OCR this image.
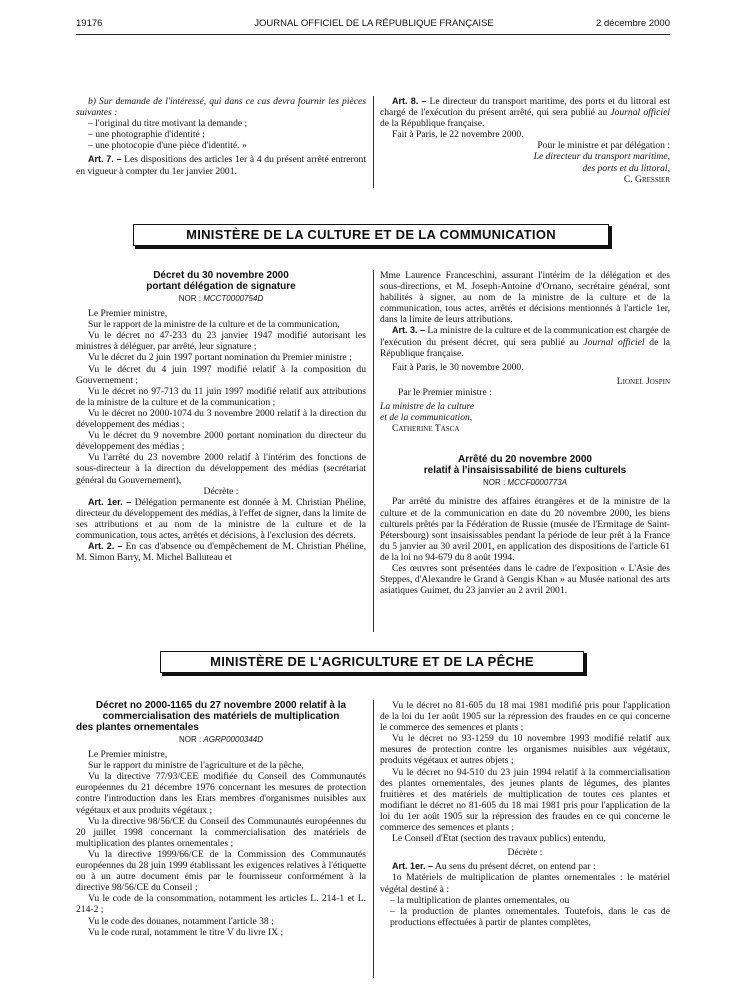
19176	JOURNAL OFFICIEL DE LA RÉPUBLIQUE FRANÇAISE	2 décembre 2000

b) Sur demande de l'intéressé, qui dans ce cas devra fournir les pièces suivantes :

– l'original du titre motivant la demande ;

– une photographie d'identité ;

– une photocopie d'une pièce d'identité. »

Art. 7. – Les dispositions des articles 1er à 4 du présent arrêté entreront en vigueur à compter du 1er janvier 2001.

Art. 8. – Le directeur du transport maritime, des ports et du littoral est chargé de l'exécution du présent arrêté, qui sera publié au Journal officiel de la République française.

Fait à Paris, le 22 novembre 2000.

Pour le ministre et par délégation :

Le directeur du transport maritime,

des ports et du littoral,

C. Gressier

MINISTÈRE DE LA CULTURE ET DE LA COMMUNICATION
Décret du 30 novembre 2000
portant délégation de signature
NOR : MCCT0000754D

Le Premier ministre,

Sur le rapport de la ministre de la culture et de la communication,

Vu le décret no 47-233 du 23 janvier 1947 modifié autorisant les ministres à déléguer, par arrêté, leur signature ;

Vu le décret du 2 juin 1997 portant nomination du Premier ministre ;

Vu le décret du 4 juin 1997 modifié relatif à la composition du Gouvernement ;

Vu le décret no 97-713 du 11 juin 1997 modifié relatif aux attributions de la ministre de la culture et de la communication ;

Vu le décret no 2000-1074 du 3 novembre 2000 relatif à la direction du développement des médias ;

Vu le décret du 9 novembre 2000 portant nomination du directeur du développement des médias ;

Vu l'arrêté du 23 novembre 2000 relatif à l'intérim des fonctions de sous-directeur à la direction du développement des médias (secrétariat général du Gouvernement),

Décrète :

Art. 1er. – Délégation permanente est donnée à M. Christian Phéline, directeur du développement des médias, à l'effet de signer, dans la limite de ses attributions et au nom de la ministre de la culture et de la communication, tous actes, arrêtés et décisions, à l'exclusion des décrets.

Art. 2. – En cas d'absence ou d'empêchement de M. Christian Phéline, M. Simon Barry, M. Michel Balluteau et

Mme Laurence Franceschini, assurant l'intérim de la délégation et des sous-directions, et M. Joseph-Antoine d'Ornano, secrétaire général, sont habilités à signer, au nom de la ministre de la culture et de la communication, tous actes, arrêtés et décisions mentionnés à l'article 1er, dans la limite de leurs attributions.

Art. 3. – La ministre de la culture et de la communication est chargée de l'exécution du présent décret, qui sera publié au Journal officiel de la République française.

Fait à Paris, le 30 novembre 2000.

Lionel Jospin

Par le Premier ministre :

La ministre de la culture

et de la communication,

Catherine Tasca

Arrêté du 20 novembre 2000
relatif à l'insaisissabilité de biens culturels
NOR : MCCF0000773A

Par arrêté du ministre des affaires étrangères et de la ministre de la culture et de la communication en date du 20 novembre 2000, les biens culturels prêtés par la Fédération de Russie (musée de l'Ermitage de Saint-Pétersbourg) sont insaisissables pendant la période de leur prêt à la France du 5 janvier au 30 avril 2001, en application des dispositions de l'article 61 de la loi no 94-679 du 8 août 1994.

Ces œuvres sont présentées dans le cadre de l'exposition « L'Asie des Steppes, d'Alexandre le Grand à Gengis Khan » au Musée national des arts asiatiques Guimet, du 23 janvier au 2 avril 2001.

MINISTÈRE DE L'AGRICULTURE ET DE LA PÊCHE
Décret no 2000-1165 du 27 novembre 2000 relatif à la
commercialisation des matériels de multiplication
des plantes ornementales
NOR : AGRP0000344D

Le Premier ministre,

Sur le rapport du ministre de l'agriculture et de la pêche,

Vu la directive 77/93/CEE modifiée du Conseil des Communautés européennes du 21 décembre 1976 concernant les mesures de protection contre l'introduction dans les Etats membres d'organismes nuisibles aux végétaux et aux produits végétaux ;

Vu la directive 98/56/CE du Conseil des Communautés européennes du 20 juillet 1998 concernant la commercialisation des matériels de multiplication des plantes ornementales ;

Vu la directive 1999/66/CE de la Commission des Communautés européennes du 28 juin 1999 établissant les exigences relatives à l'étiquette ou à un autre document émis par le fournisseur conformément à la directive 98/56/CE du Conseil ;

Vu le code de la consommation, notamment les articles L. 214-1 et L. 214-2 ;

Vu le code des douanes, notamment l'article 38 ;

Vu le code rural, notamment le titre V du livre IX ;

Vu le décret no 81-605 du 18 mai 1981 modifié pris pour l'application de la loi du 1er août 1905 sur la répression des fraudes en ce qui concerne le commerce des semences et plants ;

Vu le décret no 93-1259 du 10 novembre 1993 modifié relatif aux mesures de protection contre les organismes nuisibles aux végétaux, produits végétaux et autres objets ;

Vu le décret no 94-510 du 23 juin 1994 relatif à la commercialisation des plantes ornementales, des jeunes plants de légumes, des plantes fruitières et des matériels de multiplication de toutes ces plantes et modifiant le décret no 81-605 du 18 mai 1981 pris pour l'application de la loi du 1er août 1905 sur la répression des fraudes en ce qui concerne le commerce des semences et plants ;

Le Conseil d'Etat (section des travaux publics) entendu,

Décrète :

Art. 1er. – Au sens du présent décret, on entend par :

1o Matériels de multiplication de plantes ornementales : le matériel végétal destiné à :

– la multiplication de plantes ornementales, ou

– la production de plantes ornementales. Toutefois, dans le cas de productions effectuées à partir de plantes complètes,
